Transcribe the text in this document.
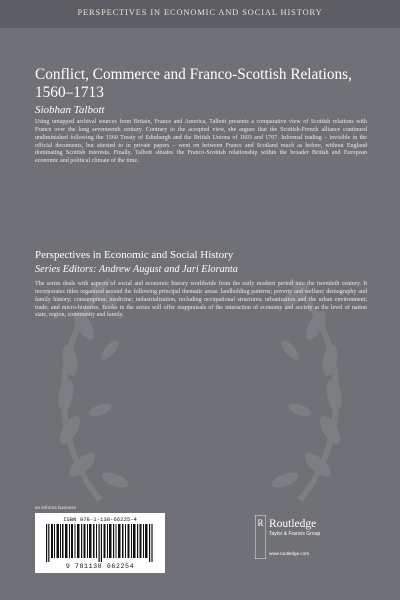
PERSPECTIVES IN ECONOMIC AND SOCIAL HISTORY
Conflict, Commerce and Franco-Scottish Relations,
1560–1713
Siobhan Talbott
Using untapped archival sources from Britain, France and America, Talbott presents a comparative view of Scottish relations with France over the long seventeenth century. Contrary to the accepted view, she argues that the Scottish-French alliance continued undiminished following the 1560 Treaty of Edinburgh and the British Unions of 1603 and 1707. Informal trading – invisible in the official documents, but attested to in private papers – went on between France and Scotland much as before, without England dominating Scottish interests. Finally, Talbott situates the Franco-Scottish relationship within the broader British and European economic and political climate of the time.
Perspectives in Economic and Social History
Series Editors: Andrew August and Jari Eloranta
The series deals with aspects of social and economic history worldwide from the early modern period into the twentieth century. It incorporates titles organized around the following principal thematic areas: landholding patterns; poverty and welfare; demography and family history; consumption; medicine; industrialization, including occupational structures; urbanization and the urban environment; trade; and micro-histories. Books in the series will offer reappraisals of the interaction of economy and society at the level of nation state, region, community and family.
an informa business
ISBN 978-1-138-66225-4
9 781138 662254
R Routledge
Taylor & Francis Group
www.routledge.com
